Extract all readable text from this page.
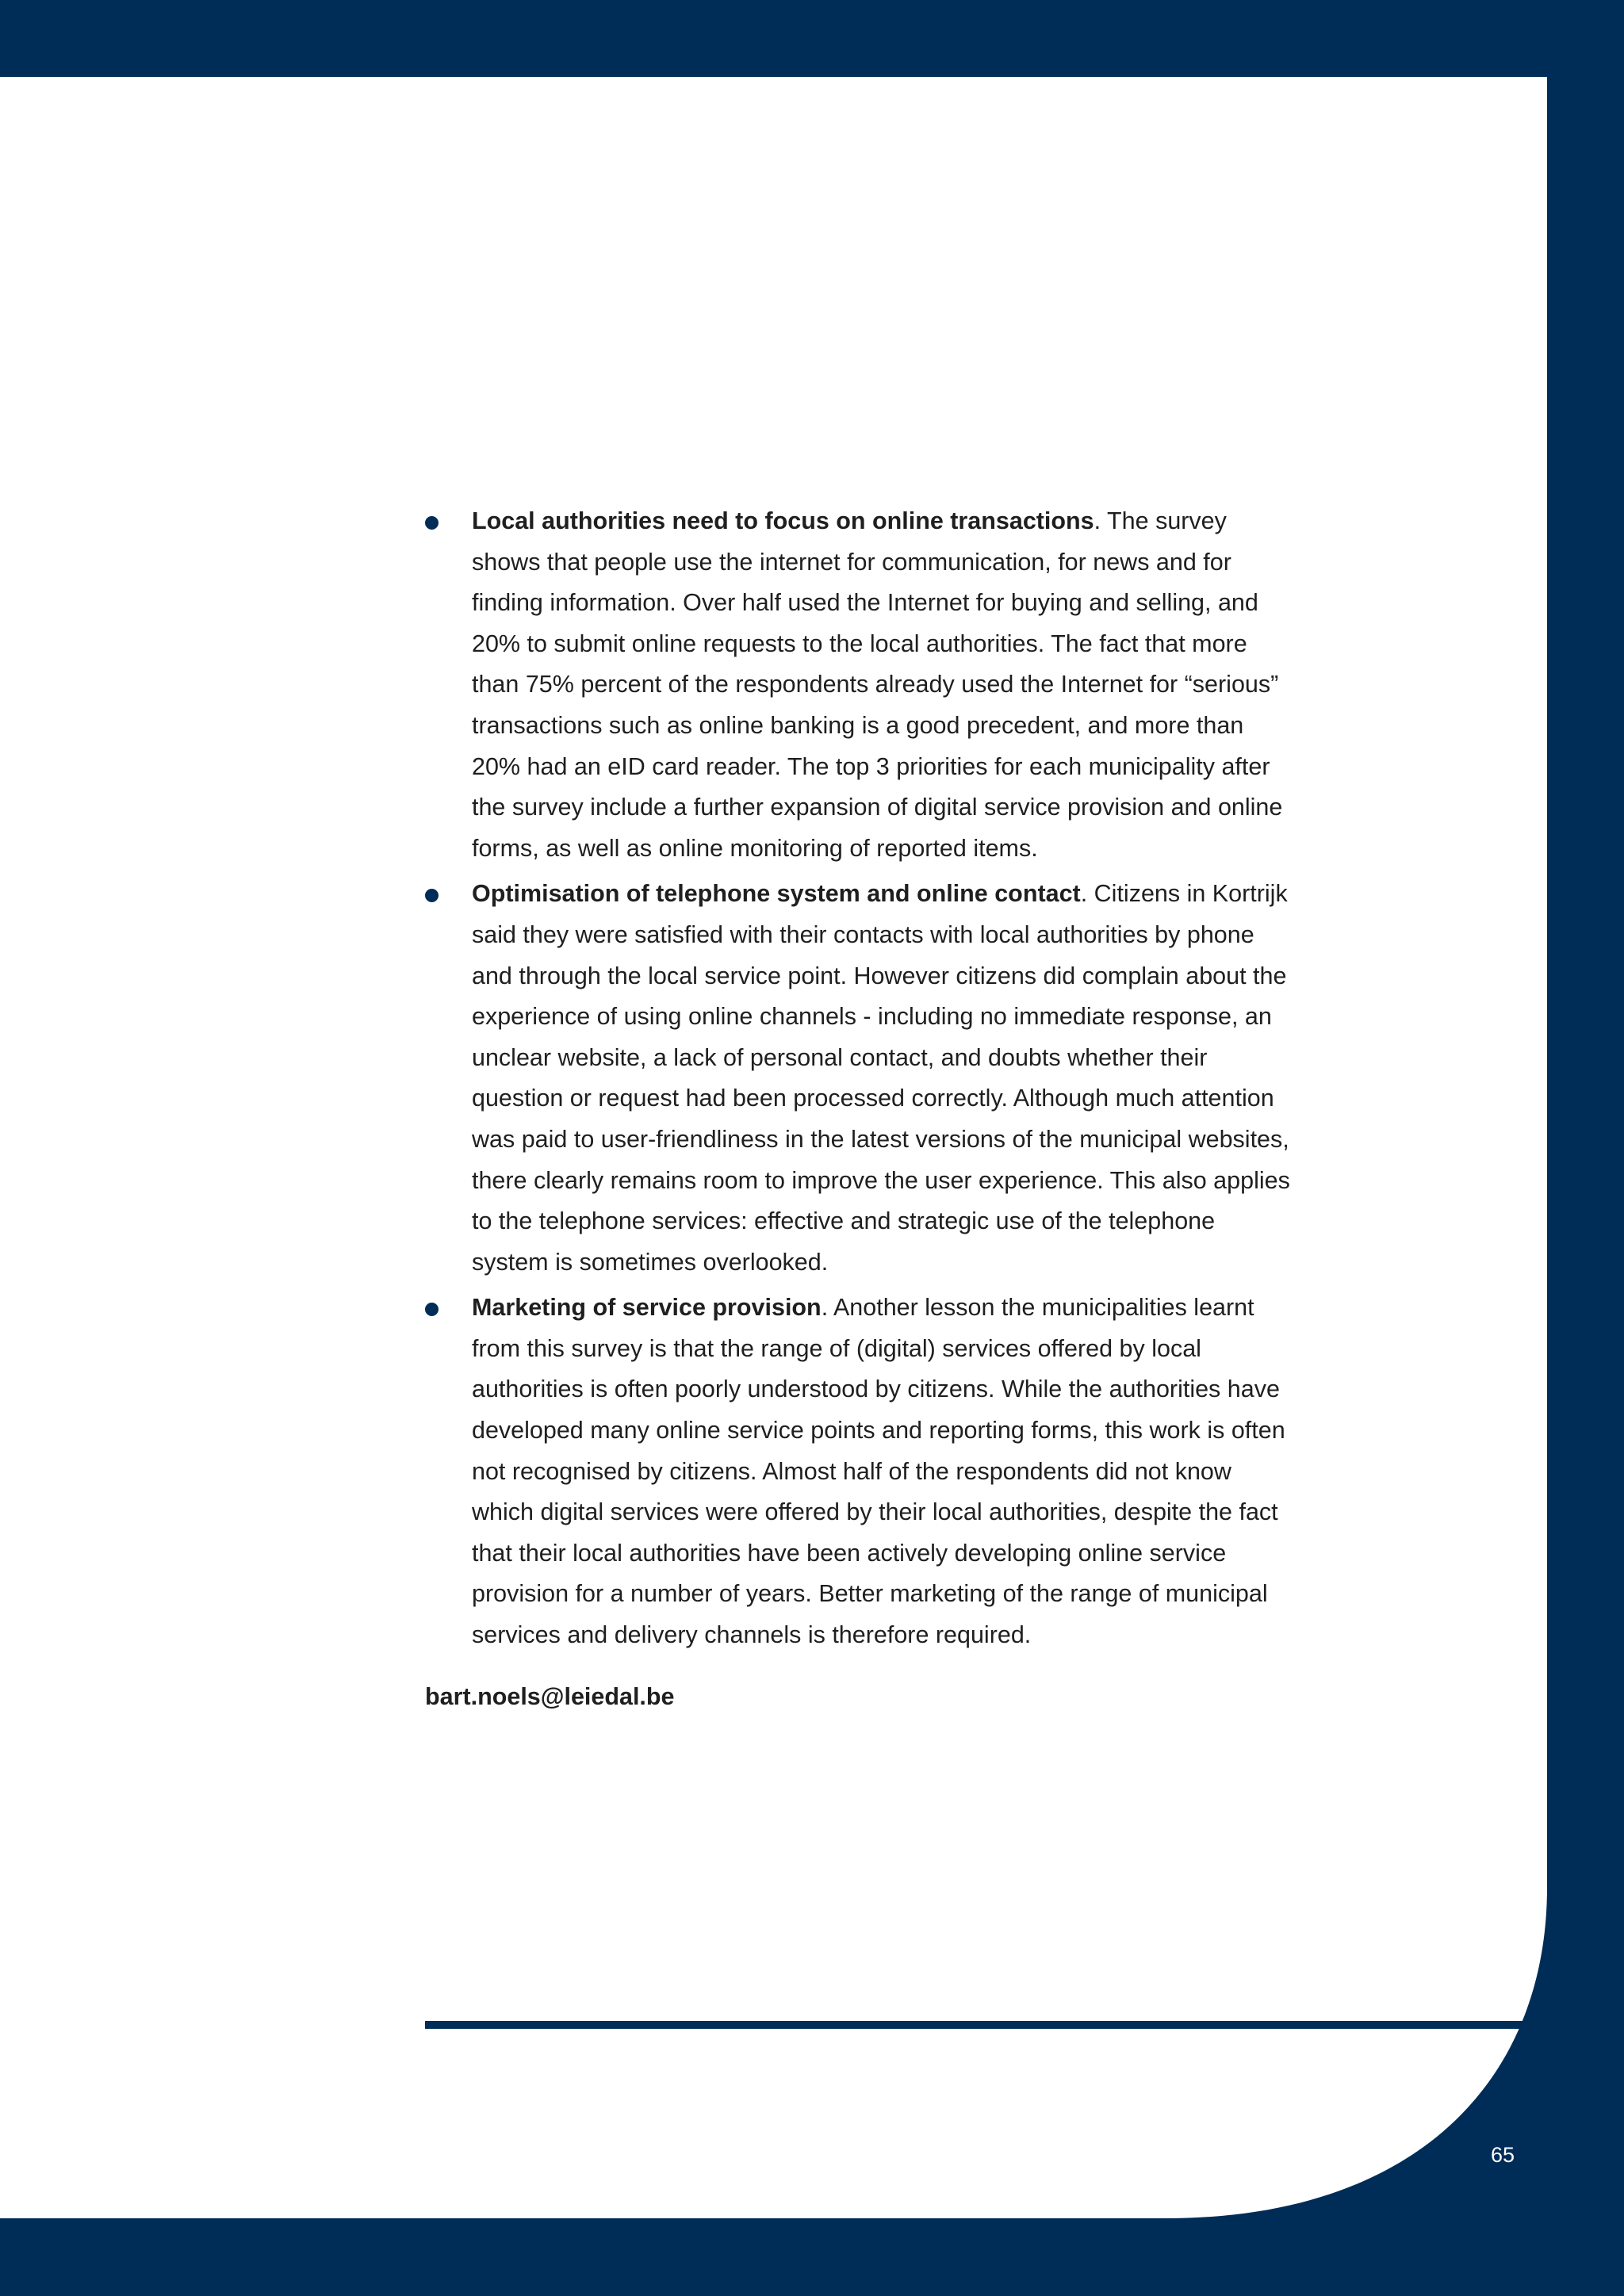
Local authorities need to focus on online transactions. The survey shows that people use the internet for communication, for news and for finding information. Over half used the Internet for buying and selling, and 20% to submit online requests to the local authorities. The fact that more than 75% percent of the respondents already used the Internet for “serious” transactions such as online banking is a good precedent, and more than 20% had an eID card reader. The top 3 priorities for each municipality after the survey include a further expansion of digital service provision and online forms, as well as online monitoring of reported items.
Optimisation of telephone system and online contact. Citizens in Kortrijk said they were satisfied with their contacts with local authorities by phone and through the local service point. However citizens did complain about the experience of using online channels - including no immediate response, an unclear website, a lack of personal contact, and doubts whether their question or request had been processed correctly. Although much attention was paid to user-friendliness in the latest versions of the municipal websites, there clearly remains room to improve the user experience. This also applies to the telephone services: effective and strategic use of the telephone system is sometimes overlooked.
Marketing of service provision. Another lesson the municipalities learnt from this survey is that the range of (digital) services offered by local authorities is often poorly understood by citizens. While the authorities have developed many online service points and reporting forms, this work is often not recognised by citizens. Almost half of the respondents did not know which digital services were offered by their local authorities, despite the fact that their local authorities have been actively developing online service provision for a number of years. Better marketing of the range of municipal services and delivery channels is therefore required.
bart.noels@leiedal.be
65
